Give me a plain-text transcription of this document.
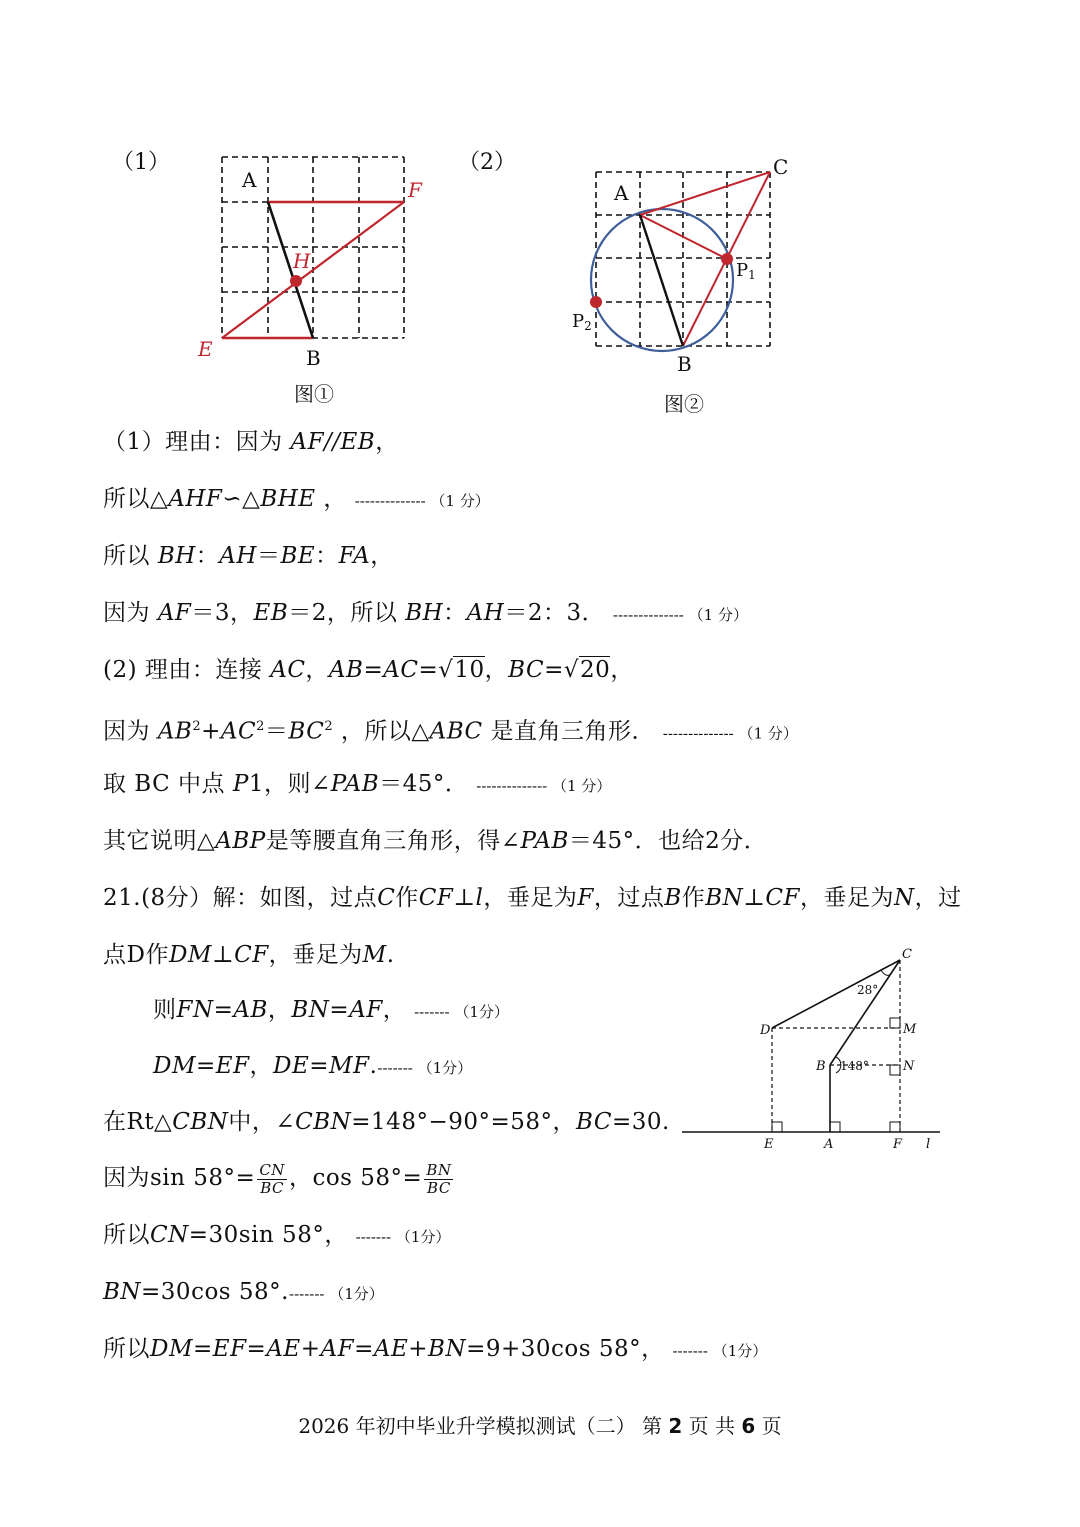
（1）	（2）
A
B
E
F
H
图①
A
B
C
P1
P2
图②
（1）理由：因为 AF//EB，
所以△AHF∽△BHE ， -------------- （1 分）
所以 BH：AH＝BE：FA，
因为 AF＝3，EB＝2，所以 BH：AH＝2：3． -------------- （1 分）
(2) 理由：连接 AC，AB=AC=√10，BC=√20，
因为 $AB^2+AC^2=BC^2$ ，所以△ABC 是直角三角形． -------------- （1 分）
取 BC 中点 P1，则∠PAB＝45°． -------------- （1 分）
其它说明△ABP是等腰直角三角形，得∠PAB＝45°．也给2分．
21.(8分）解：如图，过点C作CF⊥l，垂足为F，过点B作BN⊥CF，垂足为N，过
点D作DM⊥CF，垂足为M.
则FN=AB，BN=AF， ------- （1分）
DM=EF，DE=MF.------- （1分）
在Rt△CBN中，∠CBN=148°−90°=58°，BC=30.
因为$\sin 58^\circ= \frac{CN}{BC}$ ，$\cos 58^\circ= \frac{BN}{BC}$
所以CN=30sin 58°， ------- （1分）
BN=30cos 58°.------- （1分）
所以DM=EF=AE+AF=AE+BN=9+30cos 58°， ------- （1分）
C
D	M
B	N
E	A	F l
28°
148°
2026 年初中毕业升学模拟测试（二） 第 2 页 共 6 页
